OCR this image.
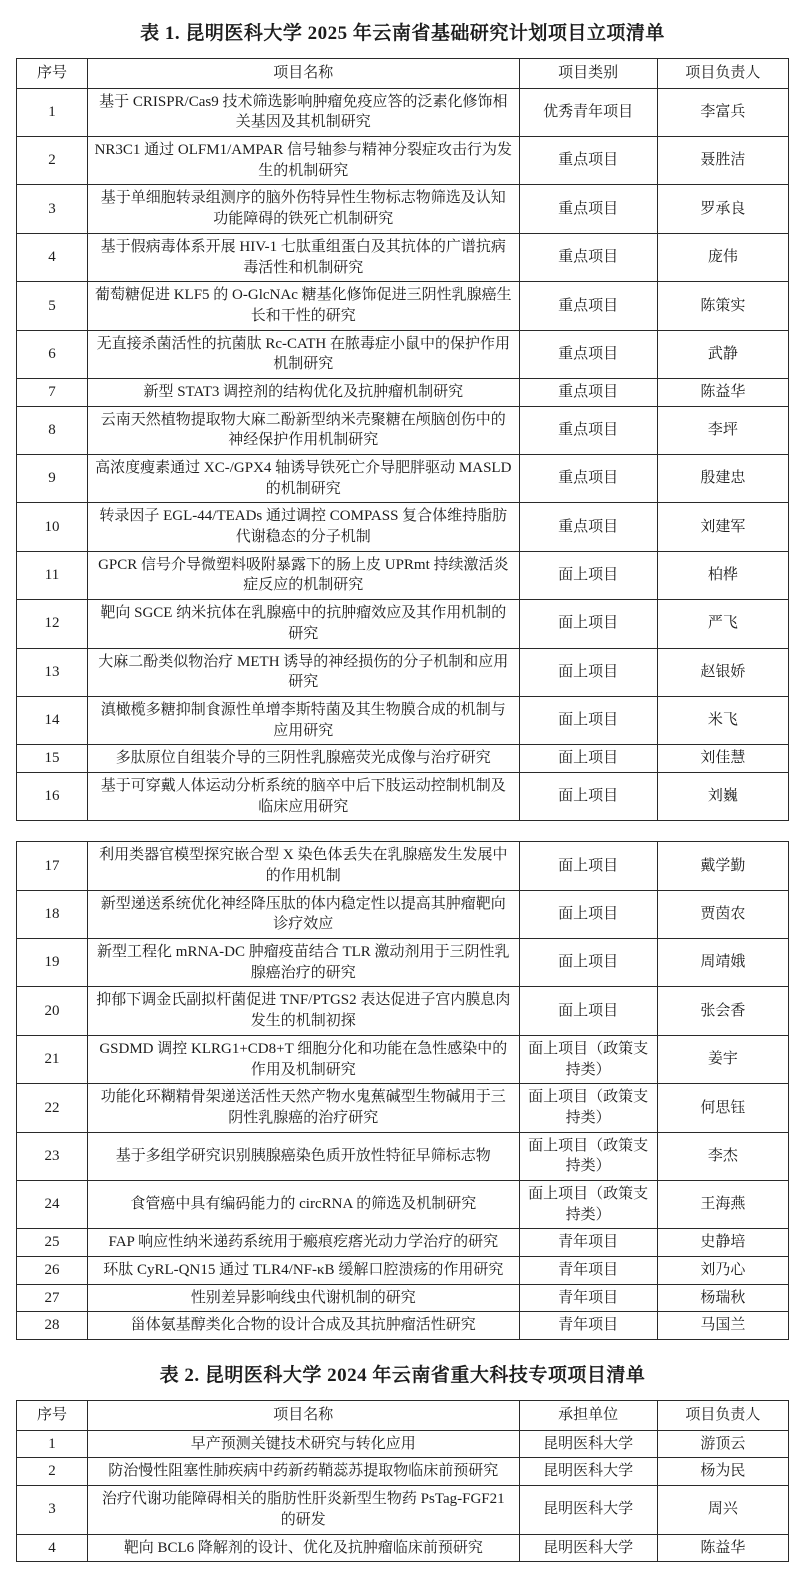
表 1. 昆明医科大学 2025 年云南省基础研究计划项目立项清单
序号	项目名称	项目类别	项目负责人
1	基于 CRISPR/Cas9 技术筛选影响肿瘤免疫应答的泛素化修饰相关基因及其机制研究	优秀青年项目	李富兵
2	NR3C1 通过 OLFM1/AMPAR 信号轴参与精神分裂症攻击行为发生的机制研究	重点项目	聂胜洁
3	基于单细胞转录组测序的脑外伤特异性生物标志物筛选及认知功能障碍的铁死亡机制研究	重点项目	罗承良
4	基于假病毒体系开展 HIV-1 七肽重组蛋白及其抗体的广谱抗病毒活性和机制研究	重点项目	庞伟
5	葡萄糖促进 KLF5 的 O-GlcNAc 糖基化修饰促进三阴性乳腺癌生长和干性的研究	重点项目	陈策实
6	无直接杀菌活性的抗菌肽 Rc-CATH 在脓毒症小鼠中的保护作用机制研究	重点项目	武静
7	新型 STAT3 调控剂的结构优化及抗肿瘤机制研究	重点项目	陈益华
8	云南天然植物提取物大麻二酚新型纳米壳聚糖在颅脑创伤中的神经保护作用机制研究	重点项目	李坪
9	高浓度瘦素通过 XC-/GPX4 轴诱导铁死亡介导肥胖驱动 MASLD 的机制研究	重点项目	殷建忠
10	转录因子 EGL-44/TEADs 通过调控 COMPASS 复合体维持脂肪代谢稳态的分子机制	重点项目	刘建军
11	GPCR 信号介导微塑料吸附暴露下的肠上皮 UPRmt 持续激活炎症反应的机制研究	面上项目	柏桦
12	靶向 SGCE 纳米抗体在乳腺癌中的抗肿瘤效应及其作用机制的研究	面上项目	严飞
13	大麻二酚类似物治疗 METH 诱导的神经损伤的分子机制和应用研究	面上项目	赵银娇
14	滇橄榄多糖抑制食源性单增李斯特菌及其生物膜合成的机制与应用研究	面上项目	米飞
15	多肽原位自组装介导的三阴性乳腺癌荧光成像与治疗研究	面上项目	刘佳慧
16	基于可穿戴人体运动分析系统的脑卒中后下肢运动控制机制及临床应用研究	面上项目	刘巍
17	利用类器官模型探究嵌合型 X 染色体丢失在乳腺癌发生发展中的作用机制	面上项目	戴学勤
18	新型递送系统优化神经降压肽的体内稳定性以提高其肿瘤靶向诊疗效应	面上项目	贾茵农
19	新型工程化 mRNA-DC 肿瘤疫苗结合 TLR 激动剂用于三阴性乳腺癌治疗的研究	面上项目	周靖娥
20	抑郁下调金氏副拟杆菌促进 TNF/PTGS2 表达促进子宫内膜息肉发生的机制初探	面上项目	张会香
21	GSDMD 调控 KLRG1+CD8+T 细胞分化和功能在急性感染中的作用及机制研究	面上项目（政策支持类）	姜宇
22	功能化环糊精骨架递送活性天然产物水鬼蕉碱型生物碱用于三阴性乳腺癌的治疗研究	面上项目（政策支持类）	何思钰
23	基于多组学研究识别胰腺癌染色质开放性特征早筛标志物	面上项目（政策支持类）	李杰
24	食管癌中具有编码能力的 circRNA 的筛选及机制研究	面上项目（政策支持类）	王海燕
25	FAP 响应性纳米递药系统用于瘢痕疙瘩光动力学治疗的研究	青年项目	史静培
26	环肽 CyRL-QN15 通过 TLR4/NF-κB 缓解口腔溃疡的作用研究	青年项目	刘乃心
27	性别差异影响线虫代谢机制的研究	青年项目	杨瑞秋
28	甾体氨基醇类化合物的设计合成及其抗肿瘤活性研究	青年项目	马国兰
表 2. 昆明医科大学 2024 年云南省重大科技专项项目清单
序号	项目名称	承担单位	项目负责人
1	早产预测关键技术研究与转化应用	昆明医科大学	游顶云
2	防治慢性阻塞性肺疾病中药新药鞘蕊苏提取物临床前预研究	昆明医科大学	杨为民
3	治疗代谢功能障碍相关的脂肪性肝炎新型生物药 PsTag-FGF21 的研发	昆明医科大学	周兴
4	靶向 BCL6 降解剂的设计、优化及抗肿瘤临床前预研究	昆明医科大学	陈益华
